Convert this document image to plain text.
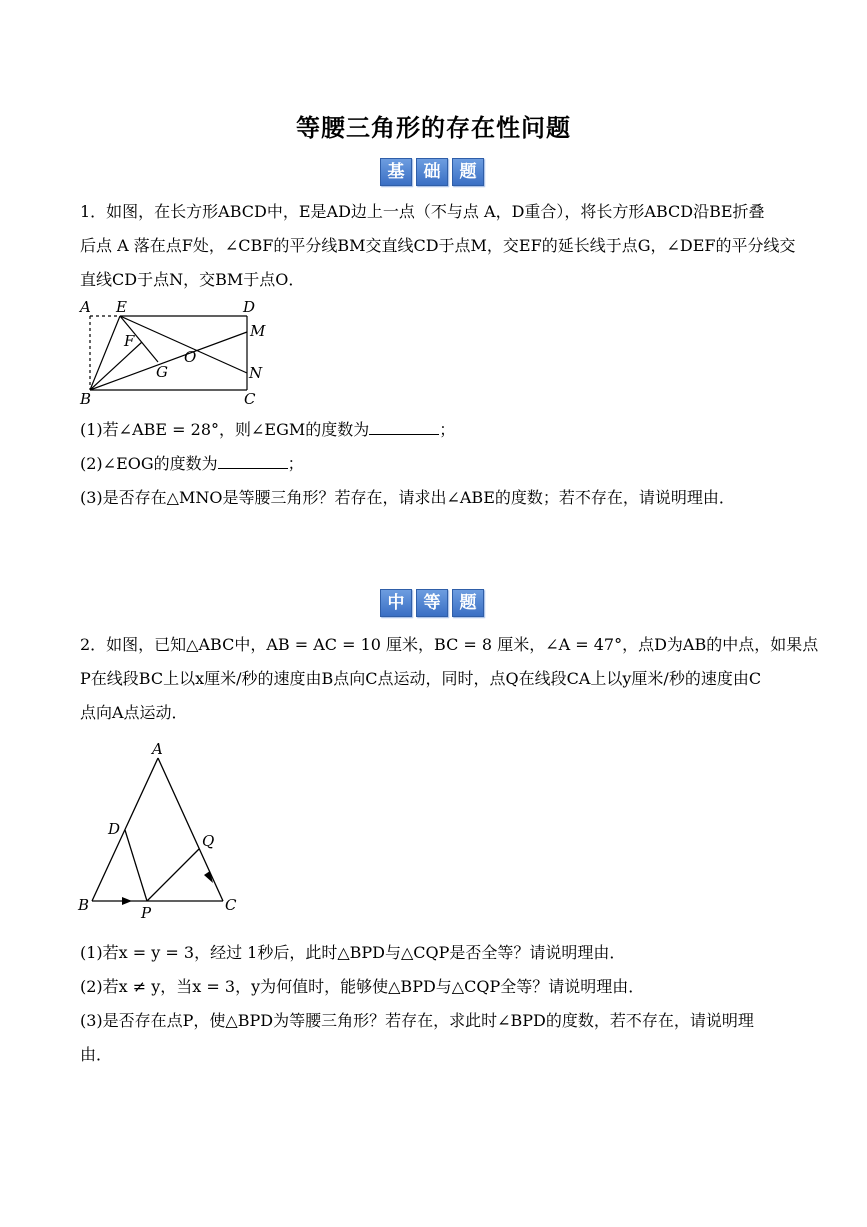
等腰三角形的存在性问题
基	础	题
1．如图，在长方形ABCD中，E是AD边上一点（不与点 A，D重合），将长方形ABCD沿BE折叠
后点 A 落在点F处，∠CBF的平分线BM交直线CD于点M，交EF的延长线于点G，∠DEF的平分线交
直线CD于点N，交BM于点O．
A E	D
M
F
O
G	N
B	C
(1)若∠ABE = 28°，则∠EGM的度数为	；
(2)∠EOG的度数为	；
(3)是否存在△MNO是等腰三角形？若存在，请求出∠ABE的度数；若不存在，请说明理由．
中	等	题
2．如图，已知△ABC中，AB = AC = 10 厘米，BC = 8 厘米，∠A = 47°，点D为AB的中点，如果点
P在线段BC上以x厘米/秒的速度由B点向C点运动，同时，点Q在线段CA上以y厘米/秒的速度由C
点向A点运动．
A
D
Q
B	P	C
(1)若x = y = 3，经过 1秒后，此时△BPD与△CQP是否全等？请说明理由．
(2)若x ≠ y，当x = 3，y为何值时，能够使△BPD与△CQP全等？请说明理由．
(3)是否存在点P，使△BPD为等腰三角形？若存在，求此时∠BPD的度数，若不存在，请说明理
由．
